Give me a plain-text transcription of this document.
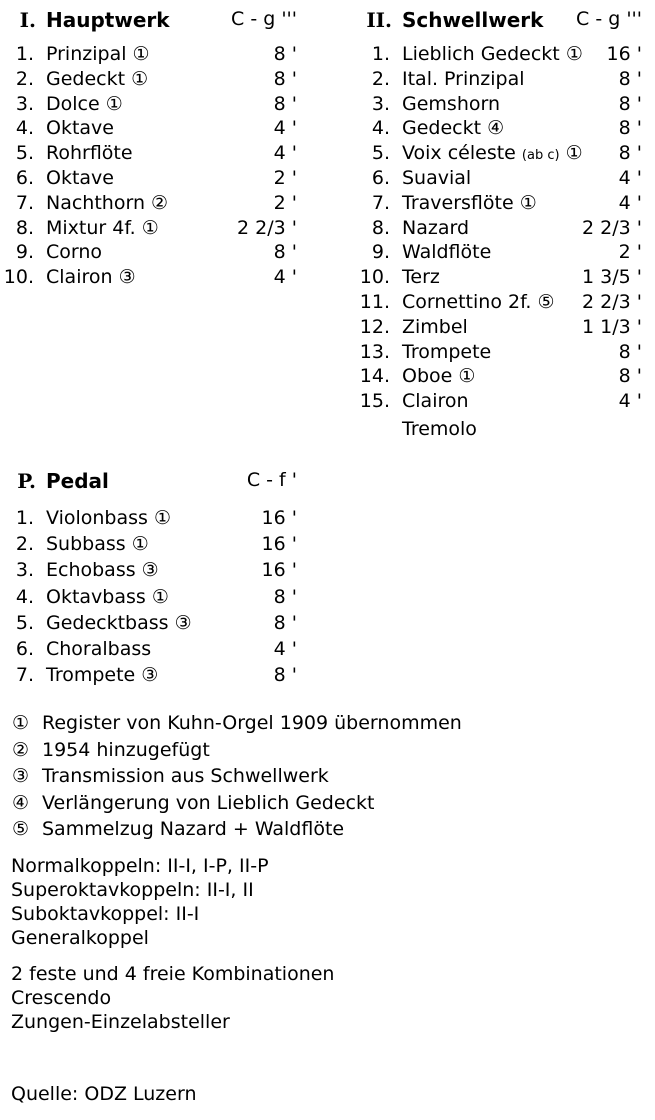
I. Hauptwerk	C - g '''
1. Prinzipal ①	8 '
2. Gedeckt ①	8 '
3. Dolce ①	8 '
4. Oktave	4 '
5. Rohrflöte	4 '
6. Oktave	2 '
7. Nachthorn ②	2 '
8. Mixtur 4f. ①	2 2/3 '
9. Corno	8 '
10. Clairon ③	4 '
II. Schwellwerk C - g '''
1. Lieblich Gedeckt ① 16 '
2. Ital. Prinzipal	8 '
3. Gemshorn	8 '
4. Gedeckt ④	8 '
5. Voix céleste (ab c) ① 8 '
6. Suavial	4 '
7. Traversflöte ①	4 '
8. Nazard	2 2/3 '
9. Waldflöte	2 '
10. Terz	1 3/5 '
11. Cornettino 2f. ⑤ 2 2/3 '
12. Zimbel	1 1/3 '
13. Trompete	8 '
14. Oboe ①	8 '
15. Clairon	4 '
Tremolo
P. Pedal	C - f '
1. Violonbass ①	16 '
2. Subbass ①	16 '
3. Echobass ③	16 '
4. Oktavbass ①	8 '
5. Gedecktbass ③	8 '
6. Choralbass	4 '
7. Trompete ③	8 '
① Register von Kuhn-Orgel 1909 übernommen
② 1954 hinzugefügt
③ Transmission aus Schwellwerk
④ Verlängerung von Lieblich Gedeckt
⑤ Sammelzug Nazard + Waldflöte
Normalkoppeln: II-I, I-P, II-P
Superoktavkoppeln: II-I, II
Suboktavkoppel: II-I
Generalkoppel
2 feste und 4 freie Kombinationen
Crescendo
Zungen-Einzelabsteller
Quelle: ODZ Luzern
